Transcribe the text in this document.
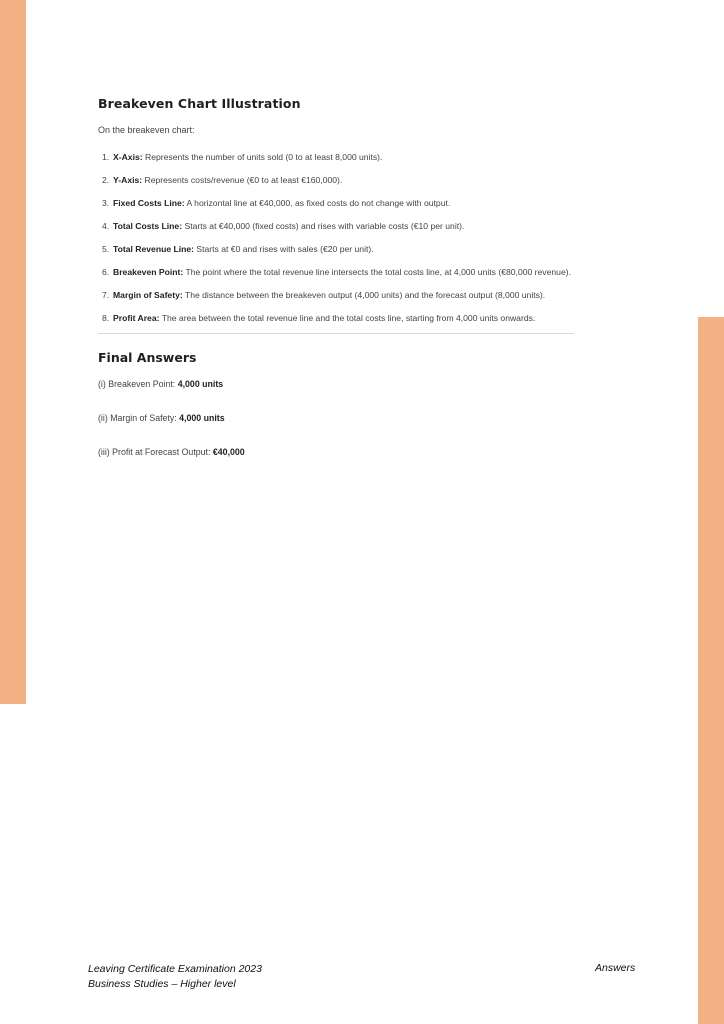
Breakeven Chart Illustration

On the breakeven chart:

1. X-Axis: Represents the number of units sold (0 to at least 8,000 units).
2. Y-Axis: Represents costs/revenue (€0 to at least €160,000).
3. Fixed Costs Line: A horizontal line at €40,000, as fixed costs do not change with output.
4. Total Costs Line: Starts at €40,000 (fixed costs) and rises with variable costs (€10 per unit).
5. Total Revenue Line: Starts at €0 and rises with sales (€20 per unit).
6. Breakeven Point: The point where the total revenue line intersects the total costs line, at 4,000 units (€80,000 revenue).
7. Margin of Safety: The distance between the breakeven output (4,000 units) and the forecast output (8,000 units).
8. Profit Area: The area between the total revenue line and the total costs line, starting from 4,000 units onwards.
Final Answers

(i) Breakeven Point: 4,000 units

(ii) Margin of Safety: 4,000 units

(iii) Profit at Forecast Output: €40,000

Leaving Certificate Examination 2023
Business Studies – Higher level
Answers
